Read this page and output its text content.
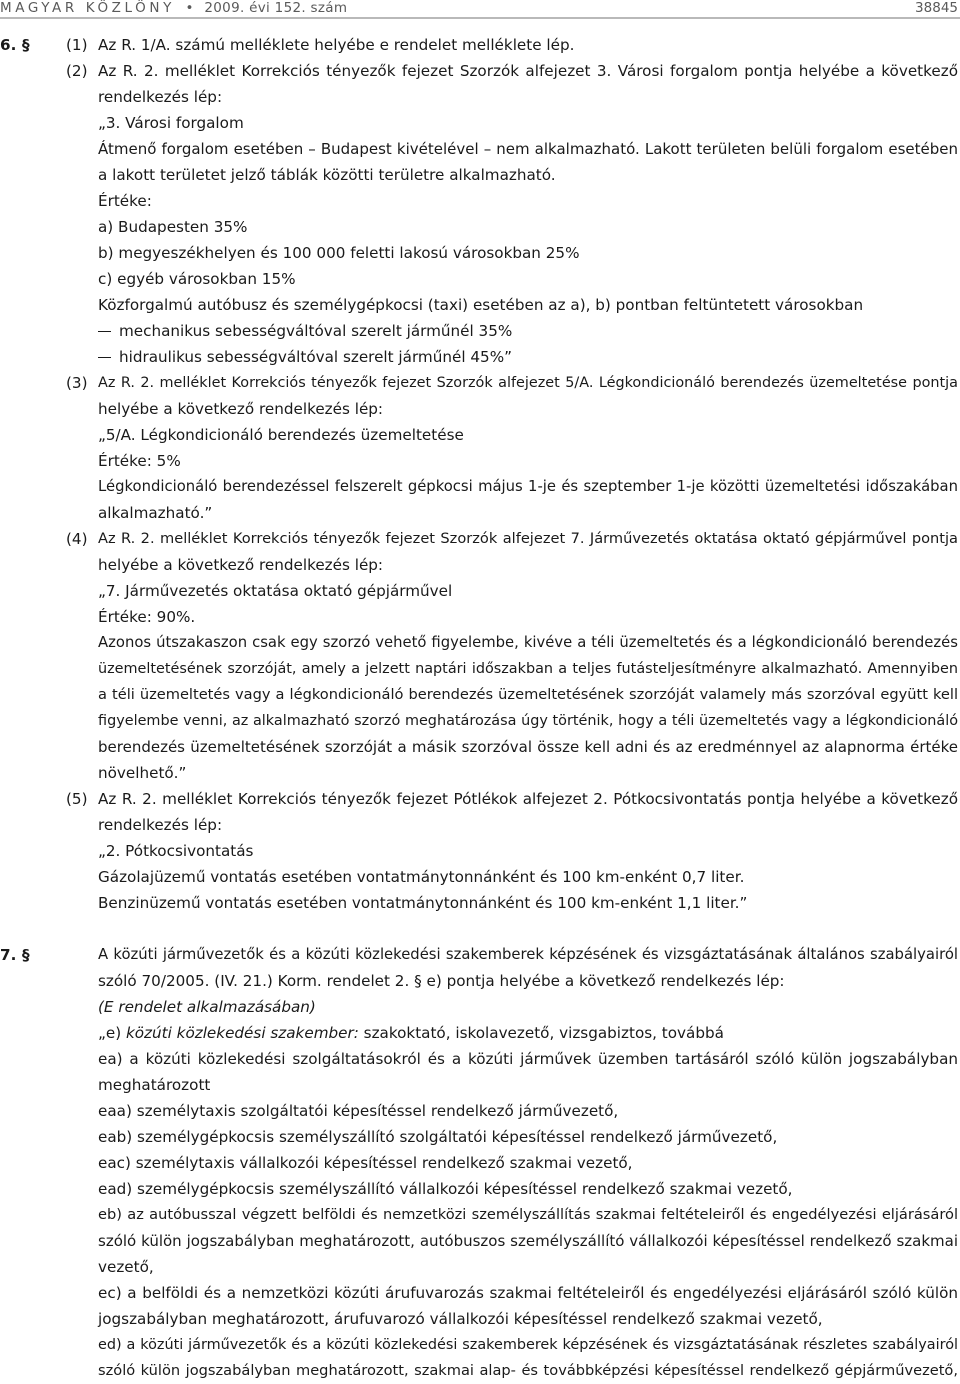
MAGYAR KÖZLÖNY • 2009. évi 152. szám	38845
6. § (1) Az R. 1/A. számú melléklete helyébe e rendelet melléklete lép.
(2) Az R. 2. melléklet Korrekciós tényezők fejezet Szorzók alfejezet 3. Városi forgalom pontja helyébe a következő
rendelkezés lép:
„3. Városi forgalom
Átmenő forgalom esetében – Budapest kivételével – nem alkalmazható. Lakott területen belüli forgalom esetében
a lakott területet jelző táblák közötti területre alkalmazható.
Értéke:
a) Budapesten 35%
b) megyeszékhelyen és 100 000 feletti lakosú városokban 25%
c) egyéb városokban 15%
Közforgalmú autóbusz és személygépkocsi (taxi) esetében az a), b) pontban feltüntetett városokban
mechanikus sebességváltóval szerelt járműnél 35%
hidraulikus sebességváltóval szerelt járműnél 45%”
(3) Az R. 2. melléklet Korrekciós tényezők fejezet Szorzók alfejezet 5/A. Légkondicionáló berendezés üzemeltetése pontja
helyébe a következő rendelkezés lép:
„5/A. Légkondicionáló berendezés üzemeltetése
Értéke: 5%
Légkondicionáló berendezéssel felszerelt gépkocsi május 1-je és szeptember 1-je közötti üzemeltetési időszakában
alkalmazható.”
(4) Az R. 2. melléklet Korrekciós tényezők fejezet Szorzók alfejezet 7. Járművezetés oktatása oktató gépjárművel pontja
helyébe a következő rendelkezés lép:
„7. Járművezetés oktatása oktató gépjárművel
Értéke: 90%.
Azonos útszakaszon csak egy szorzó vehető figyelembe, kivéve a téli üzemeltetés és a légkondicionáló berendezés
üzemeltetésének szorzóját, amely a jelzett naptári időszakban a teljes futásteljesítményre alkalmazható. Amennyiben
a téli üzemeltetés vagy a légkondicionáló berendezés üzemeltetésének szorzóját valamely más szorzóval együtt kell
figyelembe venni, az alkalmazható szorzó meghatározása úgy történik, hogy a téli üzemeltetés vagy a légkondicionáló
berendezés üzemeltetésének szorzóját a másik szorzóval össze kell adni és az eredménnyel az alapnorma értéke
növelhető.”
(5) Az R. 2. melléklet Korrekciós tényezők fejezet Pótlékok alfejezet 2. Pótkocsivontatás pontja helyébe a következő
rendelkezés lép:
„2. Pótkocsivontatás
Gázolajüzemű vontatás esetében vontatmánytonnánként és 100 km-enként 0,7 liter.
Benzinüzemű vontatás esetében vontatmánytonnánként és 100 km-enként 1,1 liter.”
7. §	A közúti járművezetők és a közúti közlekedési szakemberek képzésének és vizsgáztatásának általános szabályairól
szóló 70/2005. (IV. 21.) Korm. rendelet 2. § e) pontja helyébe a következő rendelkezés lép:
(E rendelet alkalmazásában)
„e) közúti közlekedési szakember: szakoktató, iskolavezető, vizsgabiztos, továbbá
ea) a közúti közlekedési szolgáltatásokról és a közúti járművek üzemben tartásáról szóló külön jogszabályban
meghatározott
eaa) személytaxis szolgáltatói képesítéssel rendelkező járművezető,
eab) személygépkocsis személyszállító szolgáltatói képesítéssel rendelkező járművezető,
eac) személytaxis vállalkozói képesítéssel rendelkező szakmai vezető,
ead) személygépkocsis személyszállító vállalkozói képesítéssel rendelkező szakmai vezető,
eb) az autóbusszal végzett belföldi és nemzetközi személyszállítás szakmai feltételeiről és engedélyezési eljárásáról
szóló külön jogszabályban meghatározott, autóbuszos személyszállító vállalkozói képesítéssel rendelkező szakmai
vezető,
ec) a belföldi és a nemzetközi közúti árufuvarozás szakmai feltételeiről és engedélyezési eljárásáról szóló külön
jogszabályban meghatározott, árufuvarozó vállalkozói képesítéssel rendelkező szakmai vezető,
ed) a közúti járművezetők és a közúti közlekedési szakemberek képzésének és vizsgáztatásának részletes szabályairól
szóló külön jogszabályban meghatározott, szakmai alap- és továbbképzési képesítéssel rendelkező gépjárművezető,
